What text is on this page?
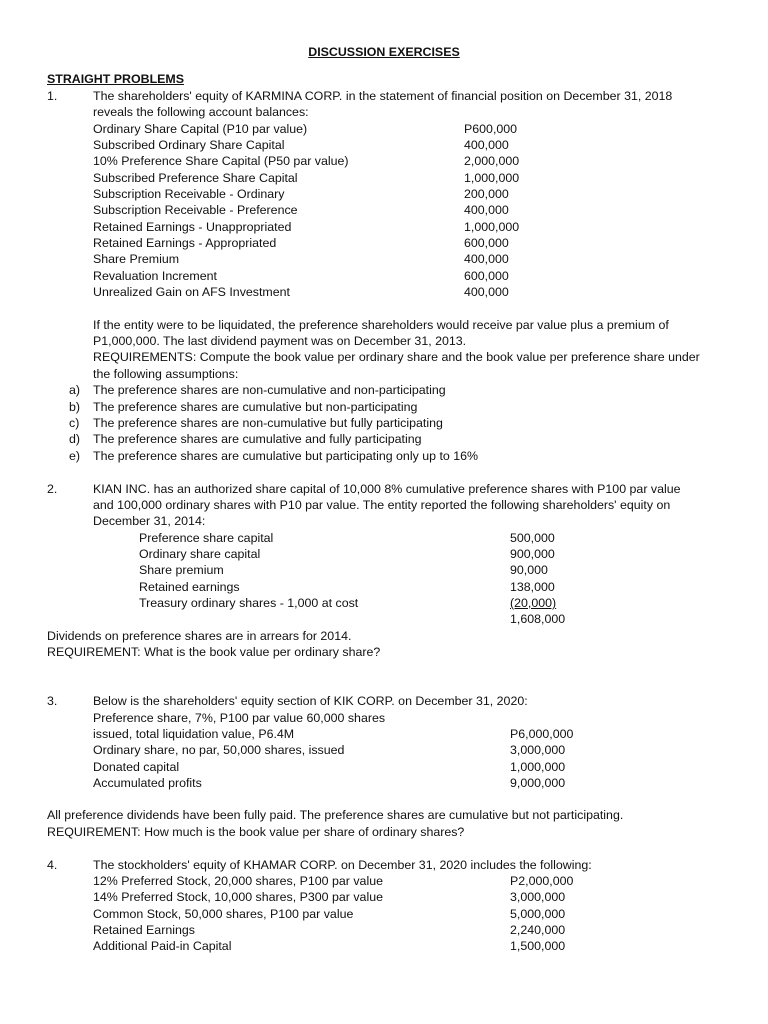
DISCUSSION EXERCISES
STRAIGHT PROBLEMS
1.	The shareholders' equity of KARMINA CORP. in the statement of financial position on December 31, 2018
reveals the following account balances:
Ordinary Share Capital (P10 par value)	P600,000
Subscribed Ordinary Share Capital	400,000
10% Preference Share Capital (P50 par value)	2,000,000
Subscribed Preference Share Capital	1,000,000
Subscription Receivable - Ordinary	200,000
Subscription Receivable - Preference	400,000
Retained Earnings - Unappropriated	1,000,000
Retained Earnings - Appropriated	600,000
Share Premium	400,000
Revaluation Increment	600,000
Unrealized Gain on AFS Investment	400,000
If the entity were to be liquidated, the preference shareholders would receive par value plus a premium of
P1,000,000. The last dividend payment was on December 31, 2013.
REQUIREMENTS: Compute the book value per ordinary share and the book value per preference share under
the following assumptions:
a) The preference shares are non-cumulative and non-participating
b) The preference shares are cumulative but non-participating
c) The preference shares are non-cumulative but fully participating
d) The preference shares are cumulative and fully participating
e) The preference shares are cumulative but participating only up to 16%
2.	KIAN INC. has an authorized share capital of 10,000 8% cumulative preference shares with P100 par value
and 100,000 ordinary shares with P10 par value. The entity reported the following shareholders' equity on
December 31, 2014:
Preference share capital	500,000
Ordinary share capital	900,000
Share premium	90,000
Retained earnings	138,000
Treasury ordinary shares - 1,000 at cost	(20,000)
1,608,000
Dividends on preference shares are in arrears for 2014.
REQUIREMENT: What is the book value per ordinary share?
3.	Below is the shareholders' equity section of KIK CORP. on December 31, 2020:
Preference share, 7%, P100 par value 60,000 shares
issued, total liquidation value, P6.4M	P6,000,000
Ordinary share, no par, 50,000 shares, issued	3,000,000
Donated capital	1,000,000
Accumulated profits	9,000,000
All preference dividends have been fully paid. The preference shares are cumulative but not participating.
REQUIREMENT: How much is the book value per share of ordinary shares?
4.	The stockholders' equity of KHAMAR CORP. on December 31, 2020 includes the following:
12% Preferred Stock, 20,000 shares, P100 par value	P2,000,000
14% Preferred Stock, 10,000 shares, P300 par value	3,000,000
Common Stock, 50,000 shares, P100 par value	5,000,000
Retained Earnings	2,240,000
Additional Paid-in Capital	1,500,000
